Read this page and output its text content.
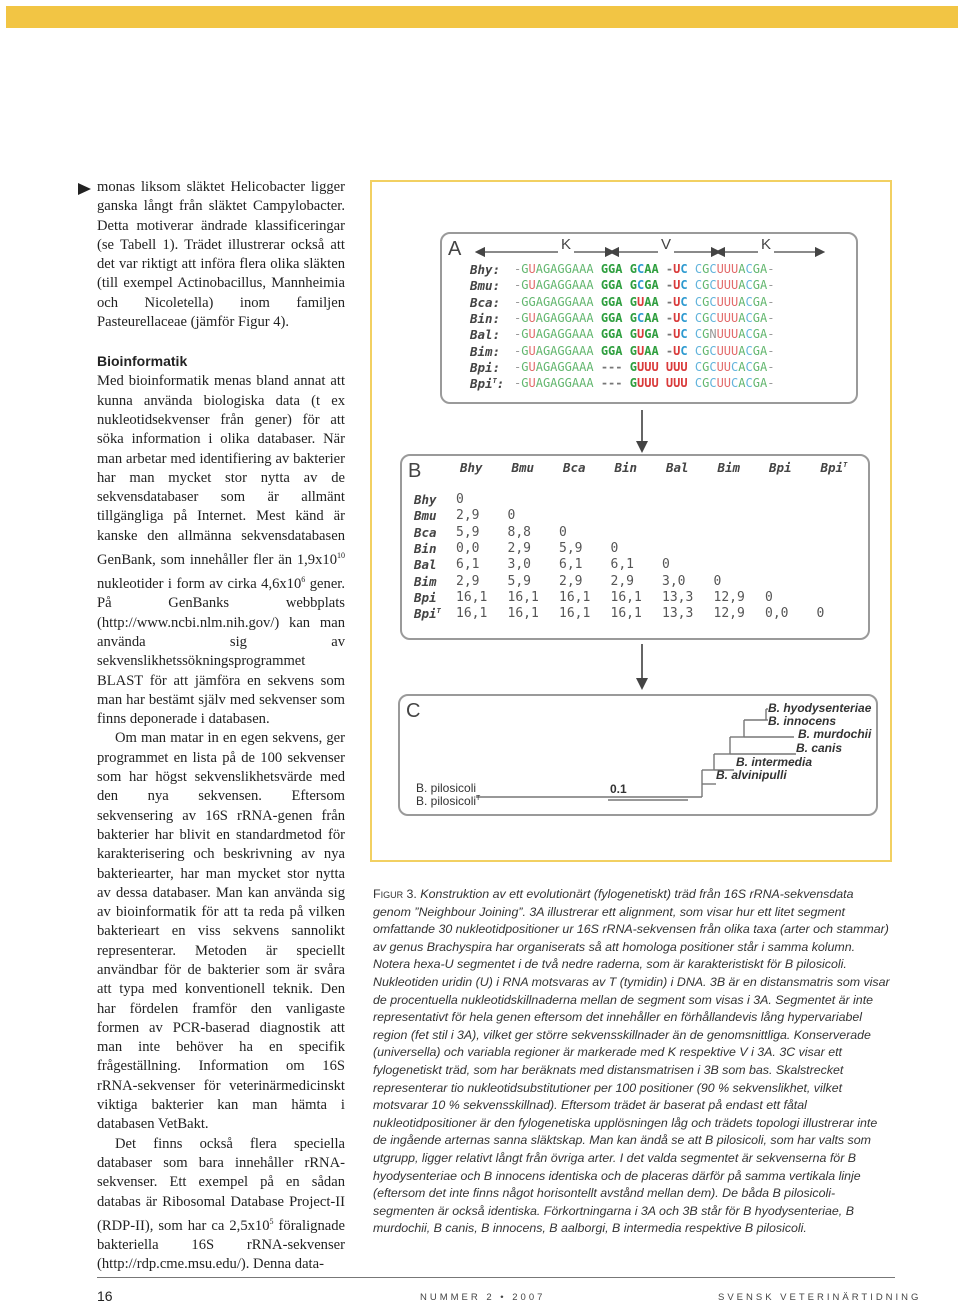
monas liksom släktet Helicobacter ligger ganska långt från släktet Campylobacter. Detta motiverar ändrade klassificeringar (se Tabell 1). Trädet illustrerar också att det var riktigt att införa flera olika släkten (till exempel Actinobacillus, Mannheimia och Nicoletella) inom familjen Pasteurellaceae (jämför Figur 4).

Bioinformatik

Med bioinformatik menas bland annat att kunna använda biologiska data (t ex nukleotidsekvenser från gener) för att söka information i olika databaser. När man arbetar med identifiering av bakterier har man mycket stor nytta av de sekvensdatabaser som är allmänt tillgängliga på Internet. Mest känd är kanske den allmänna sekvensdatabasen GenBank, som innehåller fler än $1,9x10^{10}$ nukleotider i form av cirka $4,6x10^6$ gener. På GenBanks webbplats (http://www.ncbi.nlm.nih.gov/) kan man använda sig av sekvenslikhetssökningsprogrammet BLAST för att jämföra en sekvens som man har bestämt själv med sekvenser som finns deponerade i databasen.

Om man matar in en egen sekvens, ger programmet en lista på de 100 sekvenser som har högst sekvenslikhetsvärde med den nya sekvensen. Eftersom sekvensering av 16S rRNA-genen från bakterier har blivit en standardmetod för karakterisering och beskrivning av nya bakteriearter, har man mycket stor nytta av dessa databaser. Man kan använda sig av bioinformatik för att ta reda på vilken bakterieart en viss sekvens sannolikt representerar. Metoden är speciellt användbar för de bakterier som är svåra att typa med konventionell teknik. Den har fördelen framför den vanligaste formen av PCR-baserad diagnostik att man inte behöver ha en specifik frågeställning. Information om 16S rRNA-sekvenser för veterinärmedicinskt viktiga bakterier kan man hämta i databasen VetBakt.

Det finns också flera speciella databaser som bara innehåller rRNA-sekvenser. Ett exempel på en sådan databas är Ribosomal Database Project-II (RDP-II), som har ca $2,5x10^5$ föralignade bakteriella 16S rRNA-sekvenser (http://rdp.cme.msu.edu/). Denna data-

A	K	V	K
Bhy: -GUAGAGGAAA GGA GCAA -UC CGCUUUACGA-
Bmu: -GUAGAGGAAA GGA GCGA -UC CGCUUUACGA-
Bca: -GGAGAGGAAA GGA GUAA -UC CGCUUUACGA-
Bin: -GUAGAGGAAA GGA GCAA -UC CGCUUUACGA-
Bal: -GUAGAGGAAA GGA GUGA -UC CGNUUUACGA-
Bim: -GUAGAGGAAA GGA GUAA -UC CGCUUUACGA-
Bpi: -GUAGAGGAAA --- GUUU UUU CGCUUCACGA-
Bpi$^T$: -GUAGAGGAAA --- GUUU UUU CGCUUCACGA-
B	Bhy Bmu Bca Bin Bal Bim Bpi Bpi$^T$
Bhy 0
Bmu 2,9 0
Bca 5,9 8,8 0
Bin 0,0 2,9 5,9 0
Bal 6,1 3,0 6,1 6,1 0
Bim 2,9 5,9 2,9 2,9 3,0 0
Bpi 16,1 16,1 16,1 16,1 13,3 12,9 0
Bpi$^T$ 16,1 16,1 16,1 16,1 13,3 12,9 0,0 0
C	B. hyodysenteriae
B. innocens
B. murdochii
B. canis
B. intermedia
B. alvinipulli
B. pilosicoli
B. pilosicoli$^T$
0.1
Figur 3. Konstruktion av ett evolutionärt (fylogenetiskt) träd från 16S rRNA-sekvensdata genom ”Neighbour Joining”. 3A illustrerar ett alignment, som visar hur ett litet segment omfattande 30 nukleotidpositioner ur 16S rRNA-sekvensen från olika taxa (arter och stammar) av genus Brachyspira har organiserats så att homologa positioner står i samma kolumn. Notera hexa-U segmentet i de två nedre raderna, som är karakteristiskt för B pilosicoli. Nukleotiden uridin (U) i RNA motsvaras av T (tymidin) i DNA. 3B är en distansmatris som visar de procentuella nukleotidskillnaderna mellan de segment som visas i 3A. Segmentet är inte representativt för hela genen eftersom det innehåller en förhållandevis lång hypervariabel region (fet stil i 3A), vilket ger större sekvensskillnader än de genomsnittliga. Konserverade (universella) och variabla regioner är markerade med K respektive V i 3A. 3C visar ett fylogenetiskt träd, som har beräknats med distansmatrisen i 3B som bas. Skalstrecket representerar tio nukleotidsubstitutioner per 100 positioner (90 % sekvenslikhet, vilket motsvarar 10 % sekvensskillnad). Eftersom trädet är baserat på endast ett fåtal nukleotidpositioner är den fylogenetiska upplösningen låg och trädets topologi illustrerar inte de ingående arternas sanna släktskap. Man kan ändå se att B pilosicoli, som har valts som utgrupp, ligger relativt långt från övriga arter. I det valda segmentet är sekvenserna för B hyodysenteriae och B innocens identiska och de placeras därför på samma vertikala linje (eftersom det inte finns något horisontellt avstånd mellan dem). De båda B pilosicoli-segmenten är också identiska. Förkortningarna i 3A och 3B står för B hyodysenteriae, B murdochii, B canis, B innocens, B aalborgi, B intermedia respektive B pilosicoli.
16	NUMMER 2 • 2007	SVENSK VETERINÄRTIDNING
